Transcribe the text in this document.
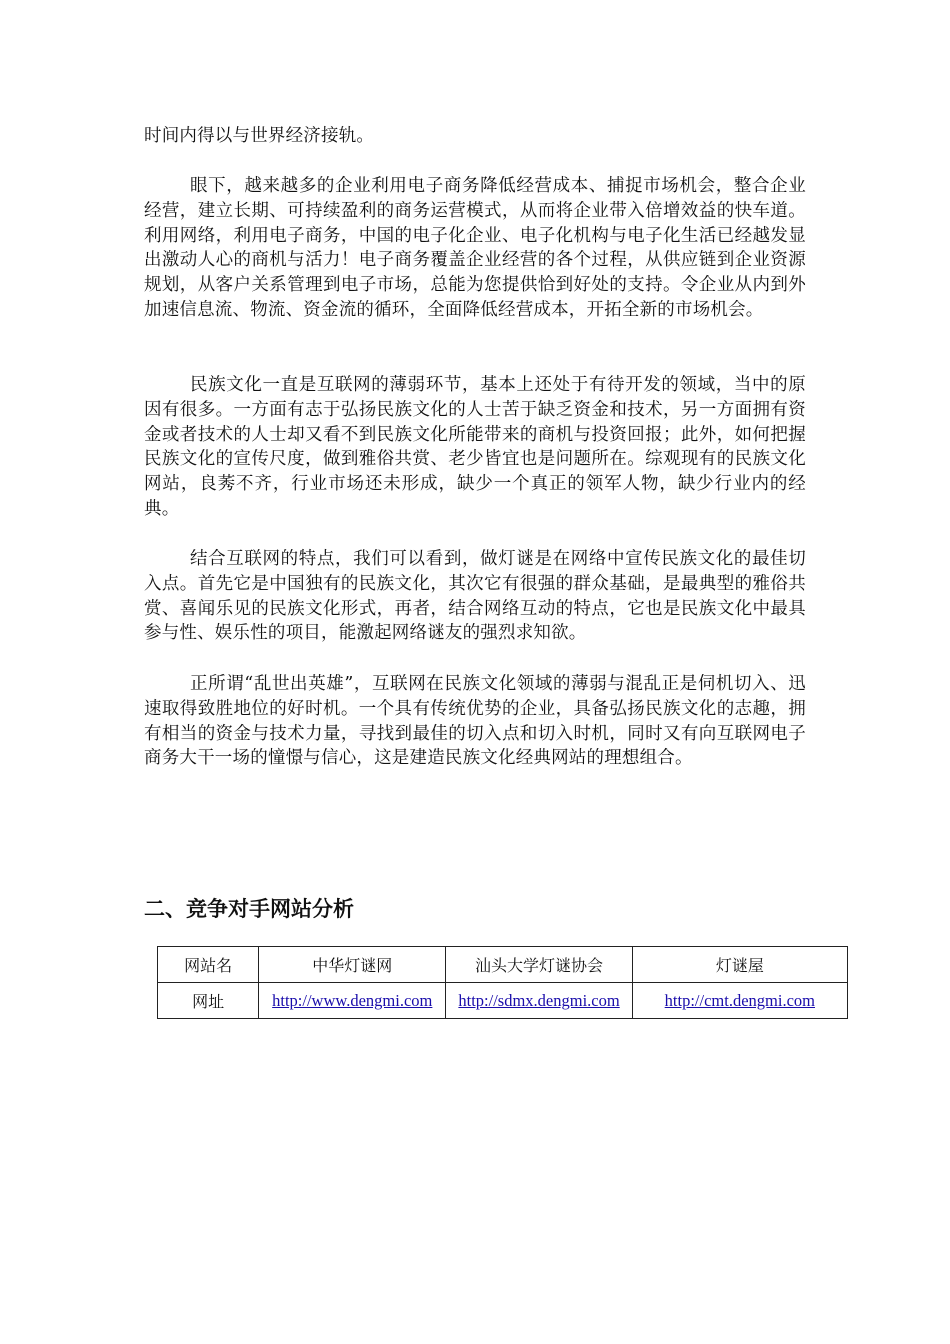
时间内得以与世界经济接轨。

眼下，越来越多的企业利用电子商务降低经营成本、捕捉市场机会，整合企业经营，建立长期、可持续盈利的商务运营模式，从而将企业带入倍增效益的快车道。利用网络，利用电子商务，中国的电子化企业、电子化机构与电子化生活已经越发显出激动人心的商机与活力！电子商务覆盖企业经营的各个过程，从供应链到企业资源规划，从客户关系管理到电子市场，总能为您提供恰到好处的支持。令企业从内到外加速信息流、物流、资金流的循环，全面降低经营成本，开拓全新的市场机会。

民族文化一直是互联网的薄弱环节，基本上还处于有待开发的领域，当中的原因有很多。一方面有志于弘扬民族文化的人士苦于缺乏资金和技术，另一方面拥有资金或者技术的人士却又看不到民族文化所能带来的商机与投资回报；此外，如何把握民族文化的宣传尺度，做到雅俗共赏、老少皆宜也是问题所在。综观现有的民族文化网站，良莠不齐，行业市场还未形成，缺少一个真正的领军人物，缺少行业内的经典。

结合互联网的特点，我们可以看到，做灯谜是在网络中宣传民族文化的最佳切入点。首先它是中国独有的民族文化，其次它有很强的群众基础，是最典型的雅俗共赏、喜闻乐见的民族文化形式，再者，结合网络互动的特点，它也是民族文化中最具参与性、娱乐性的项目，能激起网络谜友的强烈求知欲。

正所谓“乱世出英雄”，互联网在民族文化领域的薄弱与混乱正是伺机切入、迅速取得致胜地位的好时机。一个具有传统优势的企业，具备弘扬民族文化的志趣，拥有相当的资金与技术力量，寻找到最佳的切入点和切入时机，同时又有向互联网电子商务大干一场的憧憬与信心，这是建造民族文化经典网站的理想组合。

二、竞争对手网站分析
网站名	中华灯谜网	汕头大学灯谜协会	灯谜屋
网址	http://www.dengmi.com	http://sdmx.dengmi.com	http://cmt.dengmi.com
